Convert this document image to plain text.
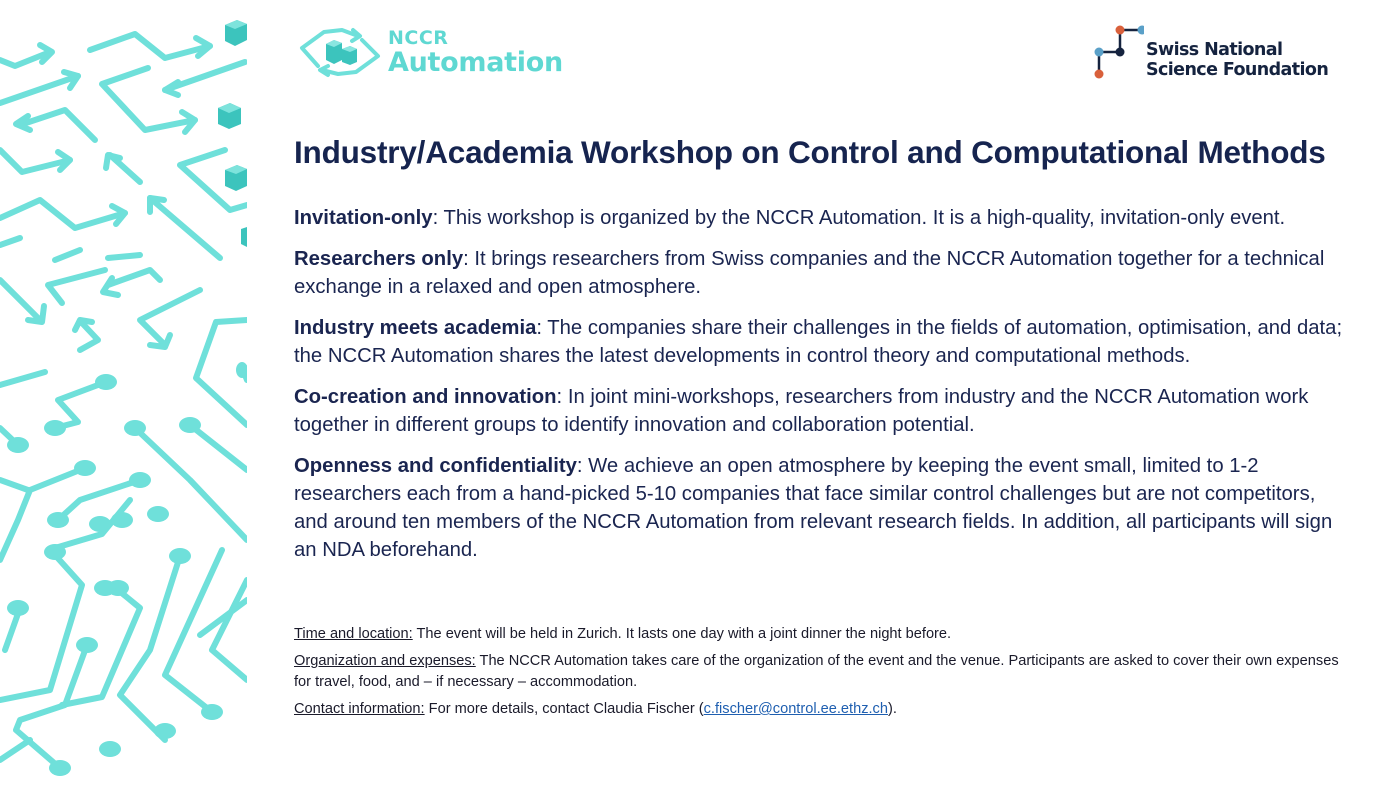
NCCR
Automation	Swiss National
Science Foundation
Industry/Academia Workshop on Control and Computational Methods

Invitation-only: This workshop is organized by the NCCR Automation. It is a high-quality, invitation-only event.

Researchers only: It brings researchers from Swiss companies and the NCCR Automation together for a technical exchange in a relaxed and open atmosphere.

Industry meets academia: The companies share their challenges in the fields of automation, optimisation, and data; the NCCR Automation shares the latest developments in control theory and computational methods.

Co-creation and innovation: In joint mini-workshops, researchers from industry and the NCCR Automation work together in different groups to identify innovation and collaboration potential.

Openness and confidentiality: We achieve an open atmosphere by keeping the event small, limited to 1-2 researchers each from a hand-picked 5-10 companies that face similar control challenges but are not competitors, and around ten members of the NCCR Automation from relevant research fields. In addition, all participants will sign an NDA beforehand.

Time and location: The event will be held in Zurich. It lasts one day with a joint dinner the night before.

Organization and expenses: The NCCR Automation takes care of the organization of the event and the venue. Participants are asked to cover their own expenses for travel, food, and – if necessary – accommodation.

Contact information: For more details, contact Claudia Fischer (c.fischer@control.ee.ethz.ch).
